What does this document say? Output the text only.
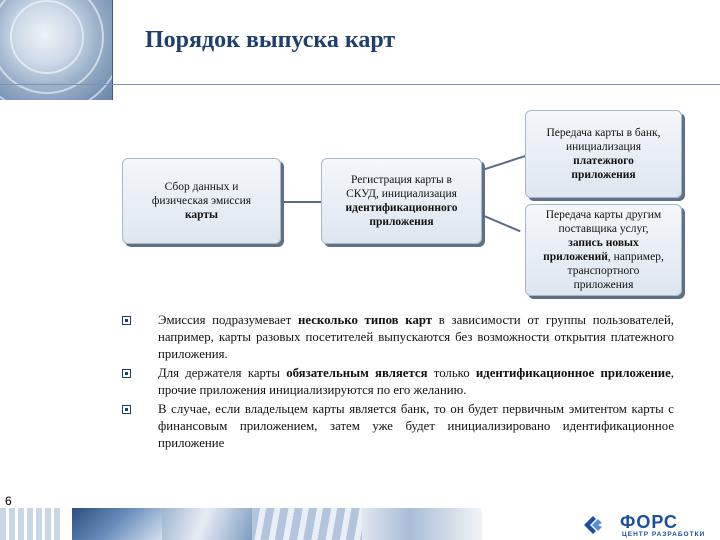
Порядок выпуска карт
Сбор данных и
физическая эмиссия
карты
Регистрация карты в
СКУД, инициализация
идентификационного
приложения
Передача карты в банк,
инициализация
платежного
приложения
Передача карты другим
поставщика услуг,
запись новых
приложений, например,
транспортного
приложения

Эмиссия подразумевает несколько типов карт в зависимости от группы пользователей, например, карты разовых посетителей выпускаются без возможности открытия платежного приложения.

Для держателя карты обязательным является только идентификационное приложение, прочие приложения инициализируются по его желанию.

В случае, если владельцем карты является банк, то он будет первичным эмитентом карты с финансовым приложением, затем уже будет инициализировано идентификационное приложение

6
ФОРС
ЦЕНТР РАЗРАБОТКИ
